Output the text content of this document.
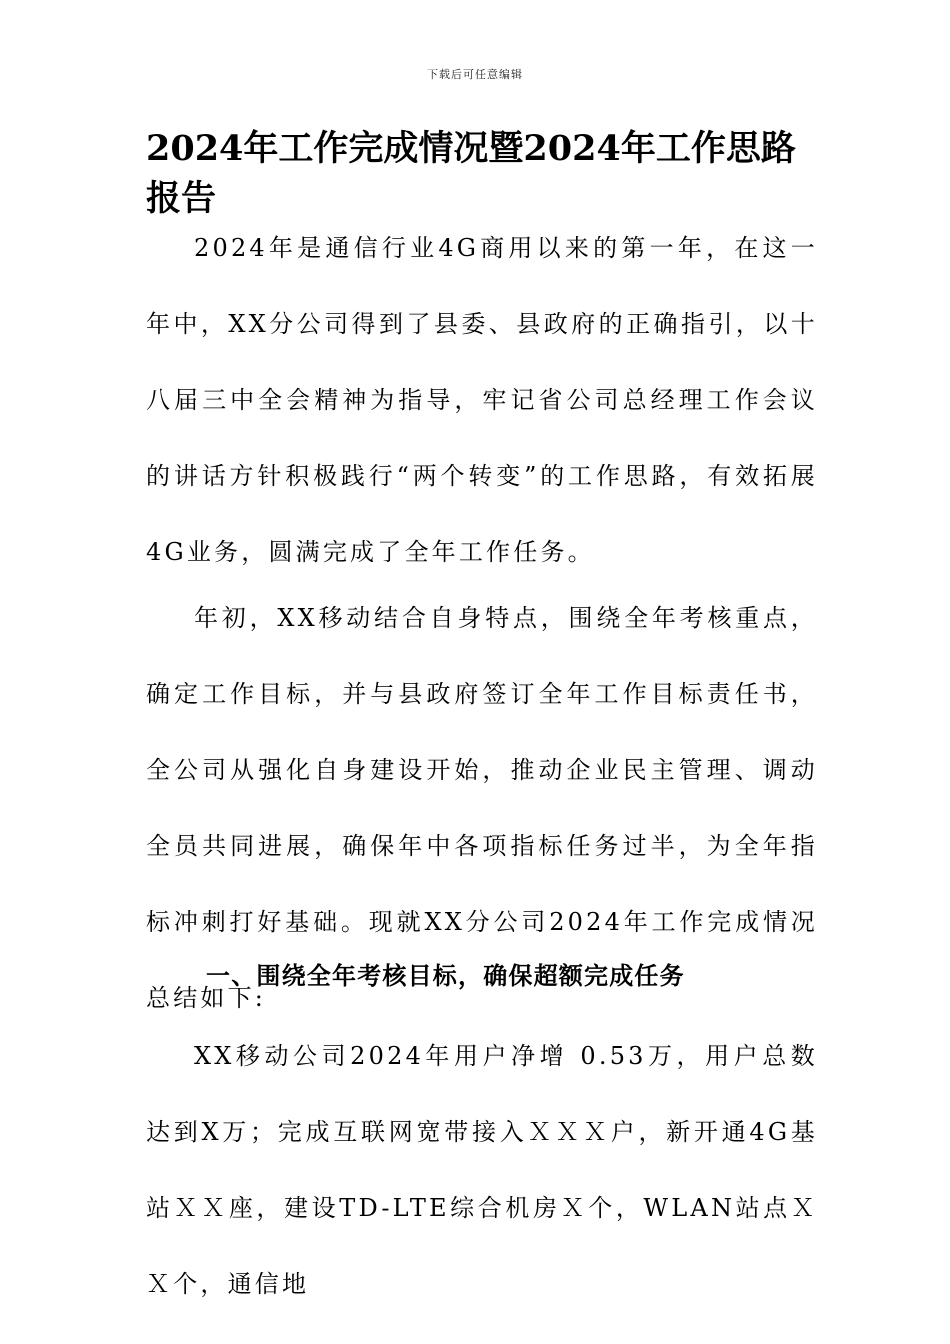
下载后可任意编辑
2024年工作完成情况暨2024年工作思路报告

2024年是通信行业4G商用以来的第一年，在这一年中，XX分公司得到了县委、县政府的正确指引，以十八届三中全会精神为指导，牢记省公司总经理工作会议的讲话方针积极践行“两个转变”的工作思路，有效拓展4G业务，圆满完成了全年工作任务。

年初，XX移动结合自身特点，围绕全年考核重点，确定工作目标，并与县政府签订全年工作目标责任书，全公司从强化自身建设开始，推动企业民主管理、调动全员共同进展，确保年中各项指标任务过半，为全年指标冲刺打好基础。现就XX分公司2024年工作完成情况总结如下:

一、围绕全年考核目标，确保超额完成任务

XX移动公司2024年用户净增 0.53万，用户总数达到X万；完成互联网宽带接入ＸＸＸ户，新开通4G基站ＸＸ座，建设TD-LTE综合机房Ｘ个，WLAN站点ＸＸ个，通信地
